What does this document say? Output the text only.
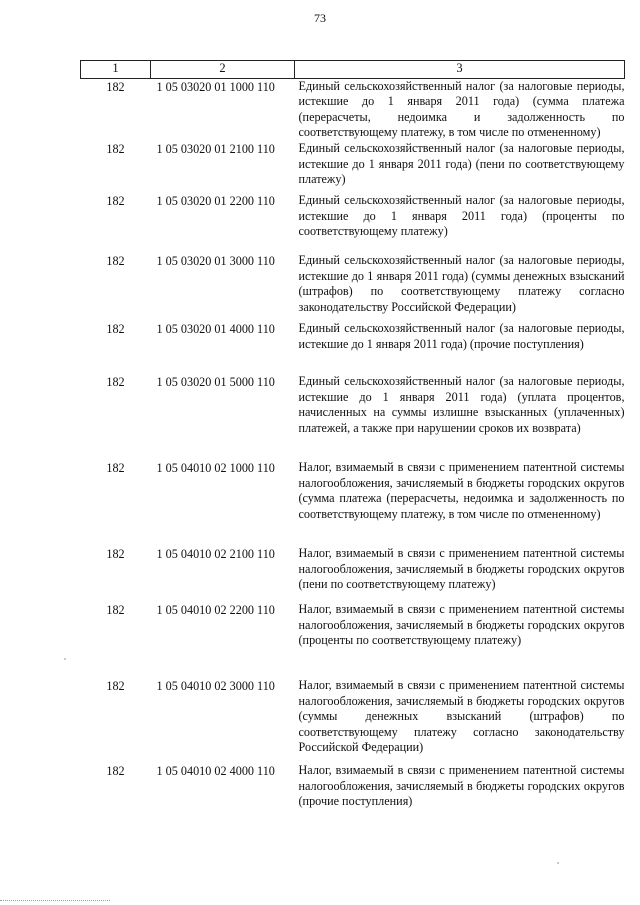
73
1	2	3
182	1 05 03020 01 1000 110	Единый сельскохозяйственный налог (за налоговые периоды, истекшие до 1 января 2011 года) (сумма платежа (перерасчеты, недоимка и задолженность по соответствующему платежу, в том числе по отмененному)
182	1 05 03020 01 2100 110	Единый сельскохозяйственный налог (за налоговые периоды, истекшие до 1 января 2011 года) (пени по соответствующему платежу)
182	1 05 03020 01 2200 110	Единый сельскохозяйственный налог (за налоговые периоды, истекшие до 1 января 2011 года) (проценты по соответствующему платежу)
182	1 05 03020 01 3000 110	Единый сельскохозяйственный налог (за налоговые периоды, истекшие до 1 января 2011 года) (суммы денежных взысканий (штрафов) по соответствующему платежу согласно законодательству Российской Федерации)
182	1 05 03020 01 4000 110	Единый сельскохозяйственный налог (за налоговые периоды, истекшие до 1 января 2011 года) (прочие поступления)
182	1 05 03020 01 5000 110	Единый сельскохозяйственный налог (за налоговые периоды, истекшие до 1 января 2011 года) (уплата процентов, начисленных на суммы излишне взысканных (уплаченных) платежей, а также при нарушении сроков их возврата)
182	1 05 04010 02 1000 110	Налог, взимаемый в связи с применением патентной системы налогообложения, зачисляемый в бюджеты городских округов (сумма платежа (перерасчеты, недоимка и задолженность по соответствующему платежу, в том числе по отмененному)
182	1 05 04010 02 2100 110	Налог, взимаемый в связи с применением патентной системы налогообложения, зачисляемый в бюджеты городских округов (пени по соответствующему платежу)
182	1 05 04010 02 2200 110	Налог, взимаемый в связи с применением патентной системы налогообложения, зачисляемый в бюджеты городских округов (проценты по соответствующему платежу)
182	1 05 04010 02 3000 110	Налог, взимаемый в связи с применением патентной системы налогообложения, зачисляемый в бюджеты городских округов (суммы денежных взысканий (штрафов) по соответствующему платежу согласно законодательству Российской Федерации)
182	1 05 04010 02 4000 110	Налог, взимаемый в связи с применением патентной системы налогообложения, зачисляемый в бюджеты городских округов (прочие поступления)
